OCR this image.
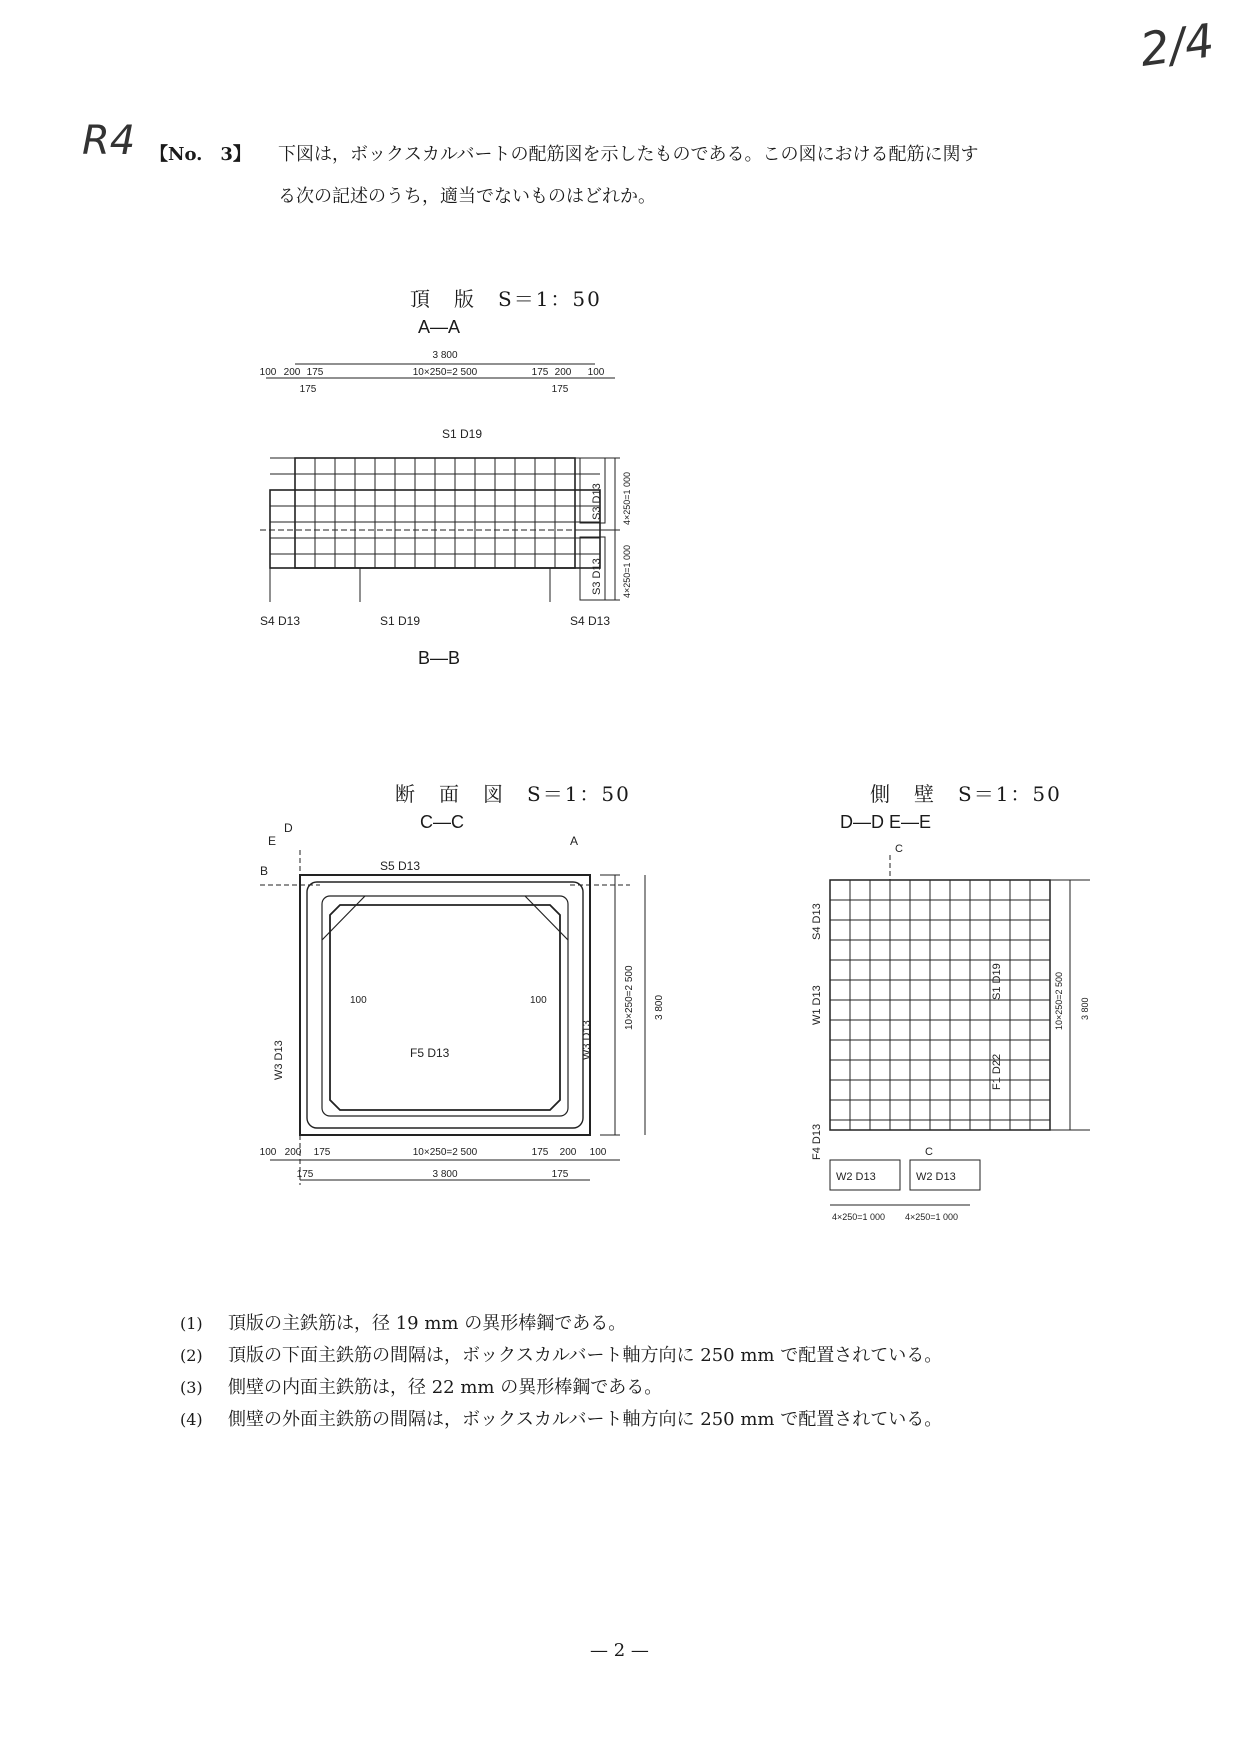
2/4
R4 【No.　3】 下図は，ボックスカルバートの配筋図を示したものである。この図における配筋に関す
る次の記述のうち，適当でないものはどれか。
頂　版　S＝1：50
A—A
3 800
100 200 175	10×250=2 500	175 200 100
175	175
S1 D19
S4 D13	S1 D19	S4 D13
S3 D13
S3 D13
4×250=1 000
4×250=1 000
B—B
断　面　図　S＝1：50
C—C
S5 D13
F5 D13
D
E	A
B
W3 D13
W3 D13
100	100	10×250=2 500 3 800
100 200 175	10×250=2 500	175 200 100
3 800
175	175
側　壁　S＝1：50
D—D E—E
S4 D13
W1 D13
S1 D19
F1 D22
F4 D13
W2 D13	W2 D13
C
C
4×250=1 000 4×250=1 000
10×250=2 500 3 800
(1) 頂版の主鉄筋は，径 19 mm の異形棒鋼である。
(2) 頂版の下面主鉄筋の間隔は，ボックスカルバート軸方向に 250 mm で配置されている。
(3) 側壁の内面主鉄筋は，径 22 mm の異形棒鋼である。
(4) 側壁の外面主鉄筋の間隔は，ボックスカルバート軸方向に 250 mm で配置されている。
— 2 —
